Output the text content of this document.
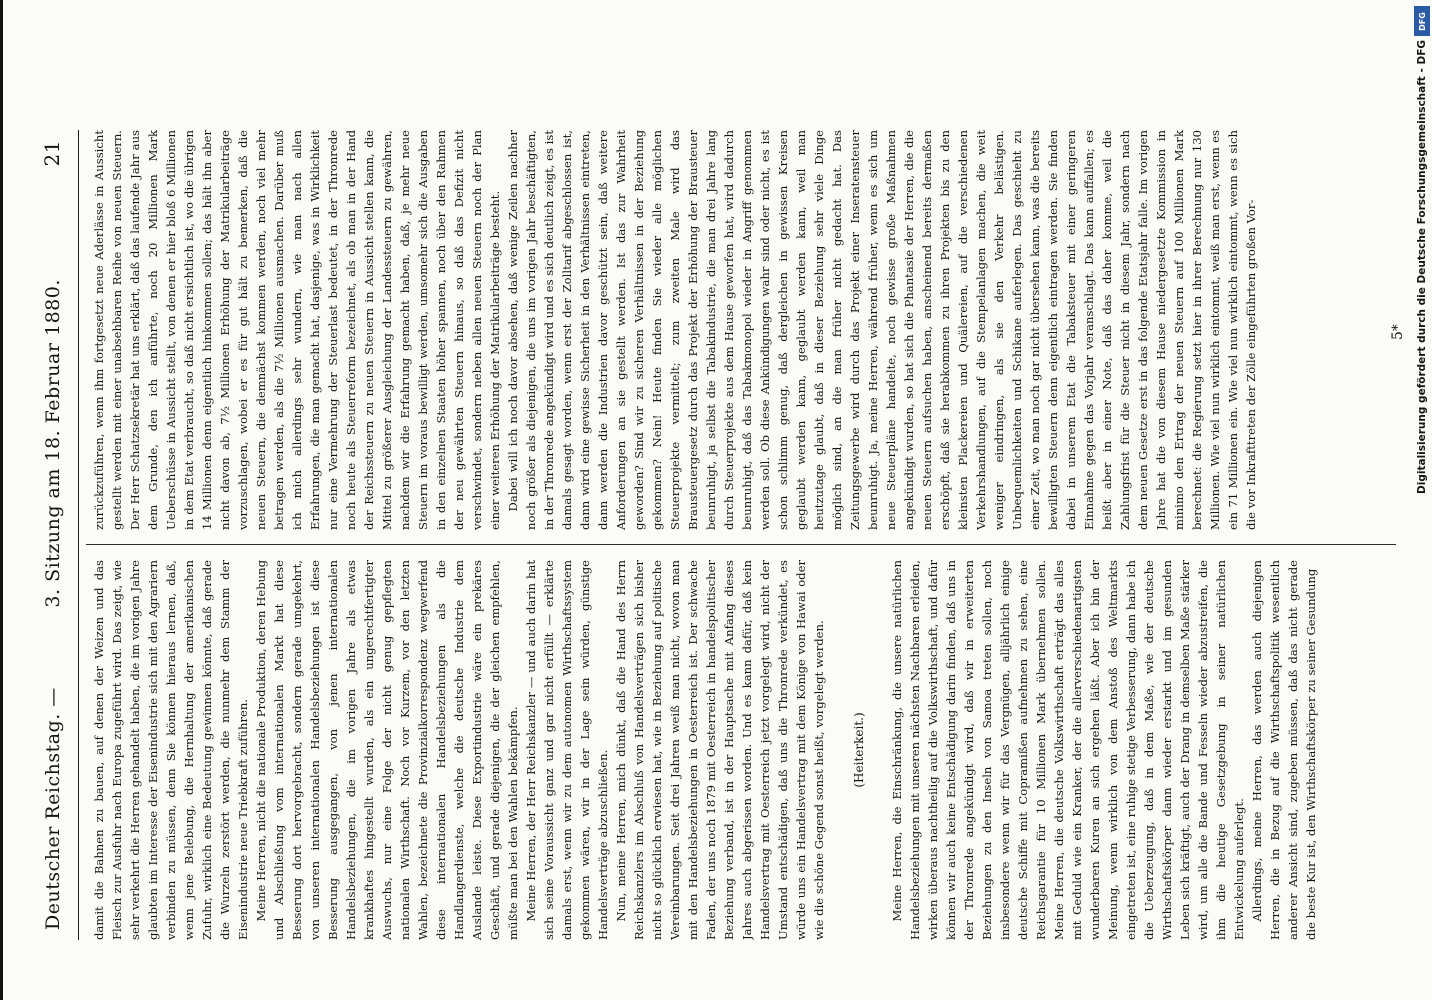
Deutscher Reichstag. —
3. Sitzung am 18. Februar 1880.
21

damit die Bahnen zu bauen, auf denen der Weizen und das Fleisch zur Ausfuhr nach Europa zugeführt wird. Das zeigt, wie sehr verkehrt die Herren gehandelt haben, die im vorigen Jahre glaubten im Interesse der Eisenindustrie sich mit den Agrariern verbinden zu müssen, denn Sie können hieraus lernen, daß, wenn jene Belebung, die Hernhaltung der amerikanischen Zufuhr, wirklich eine Bedeutung gewinnen könnte, daß gerade die Wurzeln zerstört werden, die nunmehr dem Stamm der Eisenindustrie neue Triebkraft zuführen. Meine Herren, nicht die nationale Produktion, deren Hebung und Abschließung vom internationalen Markt hat diese Besserung dort hervorgebracht, sondern gerade umgekehrt, von unseren internationalen Handelsbeziehungen ist diese Besserung ausgegangen, von jenen internationalen Handelsbeziehungen, die im vorigen Jahre als etwas krankhaftes hingestellt wurden, als ein ungerechtfertigter Auswuchs, nur eine Folge der nicht genug gepflegten nationalen Wirthschaft. Noch vor Kurzem, vor den letzten Wahlen, bezeichnete die Provinzialkorrespondenz wegwerfend diese internationalen Handelsbeziehungen als die Handlangerdienste, welche die deutsche Industrie dem Auslande leiste. Diese Exportindustrie wäre ein prekäres Geschäft, und gerade diejenigen, die der gleichen empfehlen, müßte man bei den Wahlen bekämpfen. Meine Herren, der Herr Reichskanzler — und auch darin hat sich seine Voraussicht ganz und gar nicht erfüllt — erklärte damals erst, wenn wir zu dem autonomen Wirthschaftssystem gekommen wären, wir in der Lage sein würden, günstige Handelsverträge abzuschließen. Nun, meine Herren, mich dünkt, daß die Hand des Herrn Reichskanzlers im Abschluß von Handelsverträgen sich bisher nicht so glücklich erwiesen hat, wie in Beziehung auf politische Vereinbarungen. Seit drei Jahren weiß man nicht, wovon man mit den Handelsbeziehungen in Oesterreich ist. Der schwache Faden, der uns noch 1879 mit Oesterreich in handelspolitischer Beziehung verband, ist in der Hauptsache mit Anfang dieses Jahres auch abgerissen worden. Und es kann dafür, daß kein Handelsvertrag mit Oesterreich jetzt vorgelegt wird, nicht der Umstand entschädigen, daß uns die Thronrede verkündet, es würde uns ein Handelsvertrag mit dem Könige von Hawai oder wie die schöne Gegend sonst heißt, vorgelegt werden. (Heiterkeit.) Meine Herren, die Einschränkung, die unsere natürlichen Handelsbeziehungen mit unseren nächsten Nachbaren erleiden, wirken überaus nachtheilig auf die Volkswirthschaft, und dafür können wir auch keine Entschädigung darin finden, daß uns in der Thronrede angekündigt wird, daß wir in erweiterten Beziehungen zu den Inseln von Samoa treten sollen, noch insbesondere wenn wir für das Vergnügen, alljährlich einige deutsche Schiffe mit Copramißen aufnehmen zu sehen, eine Reichsgarantie für 10 Millionen Mark übernehmen sollen. Meine Herren, die deutsche Volkswirthschaft erträgt das alles mit Geduld wie ein Kranker, der die allerverschiedenartigsten wunderbaren Kuren an sich ergehen läßt. Aber ich bin der Meinung, wenn wirklich von dem Anstoß des Weltmarkts eingetreten ist, eine ruhige stetige Verbesserung, dann habe ich die Ueberzeugung, daß in dem Maße, wie der deutsche Wirthschaftskörper dann wieder erstarkt und im gesunden Leben sich kräftigt, auch der Drang in demselben Maße stärker wird, um alle die Bande und Fesseln wieder abzustreifen, die ihm die heutige Gesetzgebung in seiner natürlichen Entwickelung auferlegt. Allerdings, meine Herren, das werden auch diejenigen Herren, die in Bezug auf die Wirthschaftspolitik wesentlich anderer Ansicht sind, zugeben müssen, daß das nicht gerade die beste Kur ist, den Wirthschaftskörper zu seiner Gesundung

zurückzuführen, wenn ihm fortgesetzt neue Aderlässe in Aussicht gestellt werden mit einer unabsehbaren Reihe von neuen Steuern. Der Herr Schatzsekretär hat uns erklärt, daß das laufende Jahr aus dem Grunde, den ich anführte, noch 20 Millionen Mark Ueberschüsse in Aussicht stellt, von denen er hier bloß 6 Millionen in dem Etat verbraucht, so daß nicht ersichtlich ist, wo die übrigen 14 Millionen denn eigentlich hinkommen sollen; das hält ihn aber nicht davon ab, 7½ Millionen Erhöhung der Matrikularbeiträge vorzuschlagen, wobei er es für gut hält zu bemerken, daß die neuen Steuern, die demnächst kommen werden, noch viel mehr betragen werden, als die 7½ Millionen ausmachen. Darüber muß ich mich allerdings sehr wundern, wie man nach allen Erfahrungen, die man gemacht hat, dasjenige, was in Wirklichkeit nur eine Vermehrung der Steuerlast bedeutet, in der Thronrede noch heute als Steuerreform bezeichnet, als ob man in der Hand der Reichssteuern zu neuen Steuern in Aussicht stellen kann, die Mittel zu größerer Ausgleichung der Landessteuern zu gewähren, nachdem wir die Erfahrung gemacht haben, daß, je mehr neue Steuern im voraus bewilligt werden, umsomehr sich die Ausgaben in den einzelnen Staaten höher spannen, noch über den Rahmen der neu gewährten Steuern hinaus, so daß das Defizit nicht verschwindet, sondern neben allen neuen Steuern noch der Plan einer weiteren Erhöhung der Matrikularbeiträge besteht. Dabei will ich noch davor absehen, daß wenige Zeilen nachher noch größer als diejenigen, die uns im vorigen Jahr beschäftigten, in der Thronrede angekündigt wird und es sich deutlich zeigt, es ist damals gesagt worden, wenn erst der Zolltarif abgeschlossen ist, dann wird eine gewisse Sicherheit in den Verhältnissen eintreten, dann werden die Industrien davor geschützt sein, daß weitere Anforderungen an sie gestellt werden. Ist das zur Wahrheit geworden? Sind wir zu sicheren Verhältnissen in der Beziehung gekommen? Nein! Heute finden Sie wieder alle möglichen Steuerprojekte vermittelt; zum zweiten Male wird das Brausteuergesetz durch das Projekt der Erhöhung der Brausteuer beunruhigt, ja selbst die Tabakindustrie, die man drei Jahre lang durch Steuerprojekte aus dem Hause geworfen hat, wird dadurch beunruhigt, daß das Tabakmonopol wieder in Angriff genommen werden soll. Ob diese Ankündigungen wahr sind oder nicht, es ist schon schlimm genug, daß dergleichen in gewissen Kreisen geglaubt werden kann, geglaubt werden kann, weil man heutzutage glaubt, daß in dieser Beziehung sehr viele Dinge möglich sind, an die man früher nicht gedacht hat. Das Zeitungsgewerbe wird durch das Projekt einer Inseratensteuer beunruhigt. Ja, meine Herren, während früher, wenn es sich um neue Steuerpläne handelte, noch gewisse große Maßnahmen angekündigt wurden, so hat sich die Phantasie der Herren, die die neuen Steuern aufsuchen haben, anscheinend bereits dermaßen erschöpft, daß sie herabkommen zu ihren Projekten bis zu den kleinsten Plackereien und Quälereien, auf die verschiedenen Verkehrshandlungen, auf die Stempelanlagen machen, die weit weniger eindringen, als sie den Verkehr belästigen. Unbequemlichkeiten und Schikane auferlegen. Das geschieht zu einer Zeit, wo man noch gar nicht übersehen kann, was die bereits bewilligten Steuern denn eigentlich eintragen werden. Sie finden dabei in unserem Etat die Tabaksteuer mit einer geringeren Einnahme gegen das Vorjahr veranschlagt. Das kann auffallen; es heißt aber in einer Note, daß das daher komme, weil die Zahlungsfrist für die Steuer nicht in diesem Jahr, sondern nach dem neuen Gesetze erst in das folgende Etatsjahr falle. Im vorigen Jahre hat die von diesem Hause niedergesetzte Kommission in minimo den Ertrag der neuen Steuern auf 100 Millionen Mark berechnet: die Regierung setzt hier in ihrer Berechnung nur 130 Millionen. Wie viel nun wirklich eintommt, weiß man erst, wenn es ein 71 Millionen ein. Wie viel nun wirklich eintommt, wenn es sich die vor Inkrafttreten der Zölle eingeführten großen Vor-	5* Digitalisierung gefördert durch die Deutsche Forschungsgemeinschaft - DFG
DFG
